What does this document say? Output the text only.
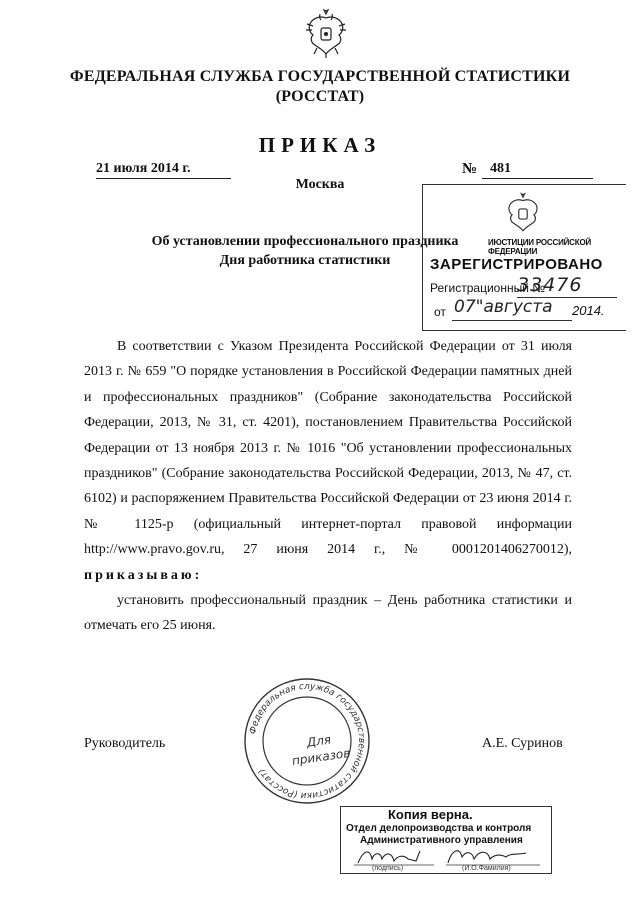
ФЕДЕРАЛЬНАЯ СЛУЖБА ГОСУДАРСТВЕННОЙ СТАТИСТИКИ
(РОССТАТ)
ПРИКАЗ
21 июля 2014 г.	№ 481
Москва
ИЮСТИЦИИ РОССИЙСКОЙ ФЕДЕРАЦИИ
ЗАРЕГИСТРИРОВАНО
Регистрационный №
33476
от 07"августа 2014.
Об установлении профессионального праздника
Дня работника статистики

В соответствии с Указом Президента Российской Федерации от 31 июля 2013 г. № 659 "О порядке установления в Российской Федерации памятных дней и профессиональных праздников" (Собрание законодательства Российской Федерации, 2013, № 31, ст. 4201), постановлением Правительства Российской Федерации от 13 ноября 2013 г. № 1016 "Об установлении профессиональных праздников" (Собрание законодательства Российской Федерации, 2013, № 47, ст. 6102) и распоряжением Правительства Российской Федерации от 23 июня 2014 г. № 1125-р (официальный интернет-портал правовой информации http://www.pravo.gov.ru, 27 июня 2014 г., № 0001201406270012), приказываю:

установить профессиональный праздник – День работника статистики и отмечать его 25 июня.

Федеральная служба государственной статистики (Росстат)
Для
приказов
Руководитель	А.Е. Суринов
Копия верна.
Отдел делопроизводства и контроля
Административного управления
(подпись)	(И.О.Фамилия)
